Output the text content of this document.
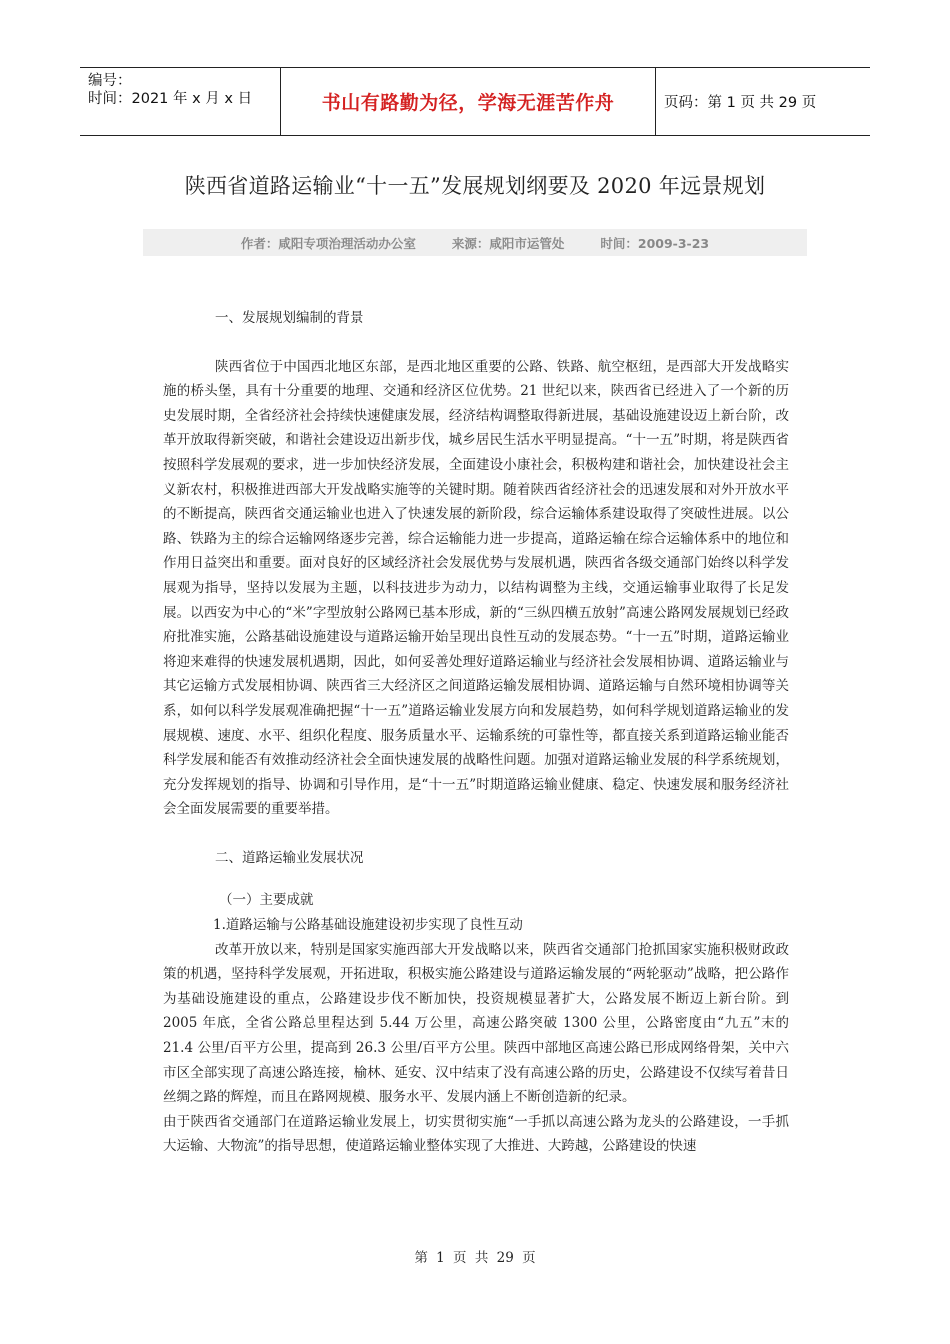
编号：
时间：2021 年 x 月 x 日	书山有路勤为径，学海无涯苦作舟	页码：第 1 页 共 29 页
陕西省道路运输业“十一五”发展规划纲要及 2020 年远景规划
作者：咸阳专项治理活动办公室	来源：咸阳市运管处	时间：2009-3-23

一、发展规划编制的背景

陕西省位于中国西北地区东部，是西北地区重要的公路、铁路、航空枢纽，是西部大开发战略实施的桥头堡，具有十分重要的地理、交通和经济区位优势。21 世纪以来，陕西省已经进入了一个新的历史发展时期，全省经济社会持续快速健康发展，经济结构调整取得新进展，基础设施建设迈上新台阶，改革开放取得新突破，和谐社会建设迈出新步伐，城乡居民生活水平明显提高。“十一五”时期，将是陕西省按照科学发展观的要求，进一步加快经济发展，全面建设小康社会，积极构建和谐社会，加快建设社会主义新农村，积极推进西部大开发战略实施等的关键时期。随着陕西省经济社会的迅速发展和对外开放水平的不断提高，陕西省交通运输业也进入了快速发展的新阶段，综合运输体系建设取得了突破性进展。以公路、铁路为主的综合运输网络逐步完善，综合运输能力进一步提高，道路运输在综合运输体系中的地位和作用日益突出和重要。面对良好的区域经济社会发展优势与发展机遇，陕西省各级交通部门始终以科学发展观为指导，坚持以发展为主题，以科技进步为动力，以结构调整为主线，交通运输事业取得了长足发展。以西安为中心的“米”字型放射公路网已基本形成，新的“三纵四横五放射”高速公路网发展规划已经政府批准实施，公路基础设施建设与道路运输开始呈现出良性互动的发展态势。“十一五”时期，道路运输业将迎来难得的快速发展机遇期，因此，如何妥善处理好道路运输业与经济社会发展相协调、道路运输业与其它运输方式发展相协调、陕西省三大经济区之间道路运输发展相协调、道路运输与自然环境相协调等关系，如何以科学发展观准确把握“十一五”道路运输业发展方向和发展趋势，如何科学规划道路运输业的发展规模、速度、水平、组织化程度、服务质量水平、运输系统的可靠性等，都直接关系到道路运输业能否科学发展和能否有效推动经济社会全面快速发展的战略性问题。加强对道路运输业发展的科学系统规划，充分发挥规划的指导、协调和引导作用，是“十一五”时期道路运输业健康、稳定、快速发展和服务经济社会全面发展需要的重要举措。

二、道路运输业发展状况

（一）主要成就

1.道路运输与公路基础设施建设初步实现了良性互动

改革开放以来，特别是国家实施西部大开发战略以来，陕西省交通部门抢抓国家实施积极财政政策的机遇，坚持科学发展观，开拓进取，积极实施公路建设与道路运输发展的“两轮驱动”战略，把公路作为基础设施建设的重点，公路建设步伐不断加快，投资规模显著扩大，公路发展不断迈上新台阶。到 2005 年底，全省公路总里程达到 5.44 万公里，高速公路突破 1300 公里，公路密度由“九五”末的 21.4 公里/百平方公里，提高到 26.3 公里/百平方公里。陕西中部地区高速公路已形成网络骨架，关中六市区全部实现了高速公路连接，榆林、延安、汉中结束了没有高速公路的历史，公路建设不仅续写着昔日丝绸之路的辉煌，而且在路网规模、服务水平、发展内涵上不断创造新的纪录。

由于陕西省交通部门在道路运输业发展上，切实贯彻实施“一手抓以高速公路为龙头的公路建设，一手抓大运输、大物流”的指导思想，使道路运输业整体实现了大推进、大跨越，公路建设的快速

第 1 页 共 29 页
